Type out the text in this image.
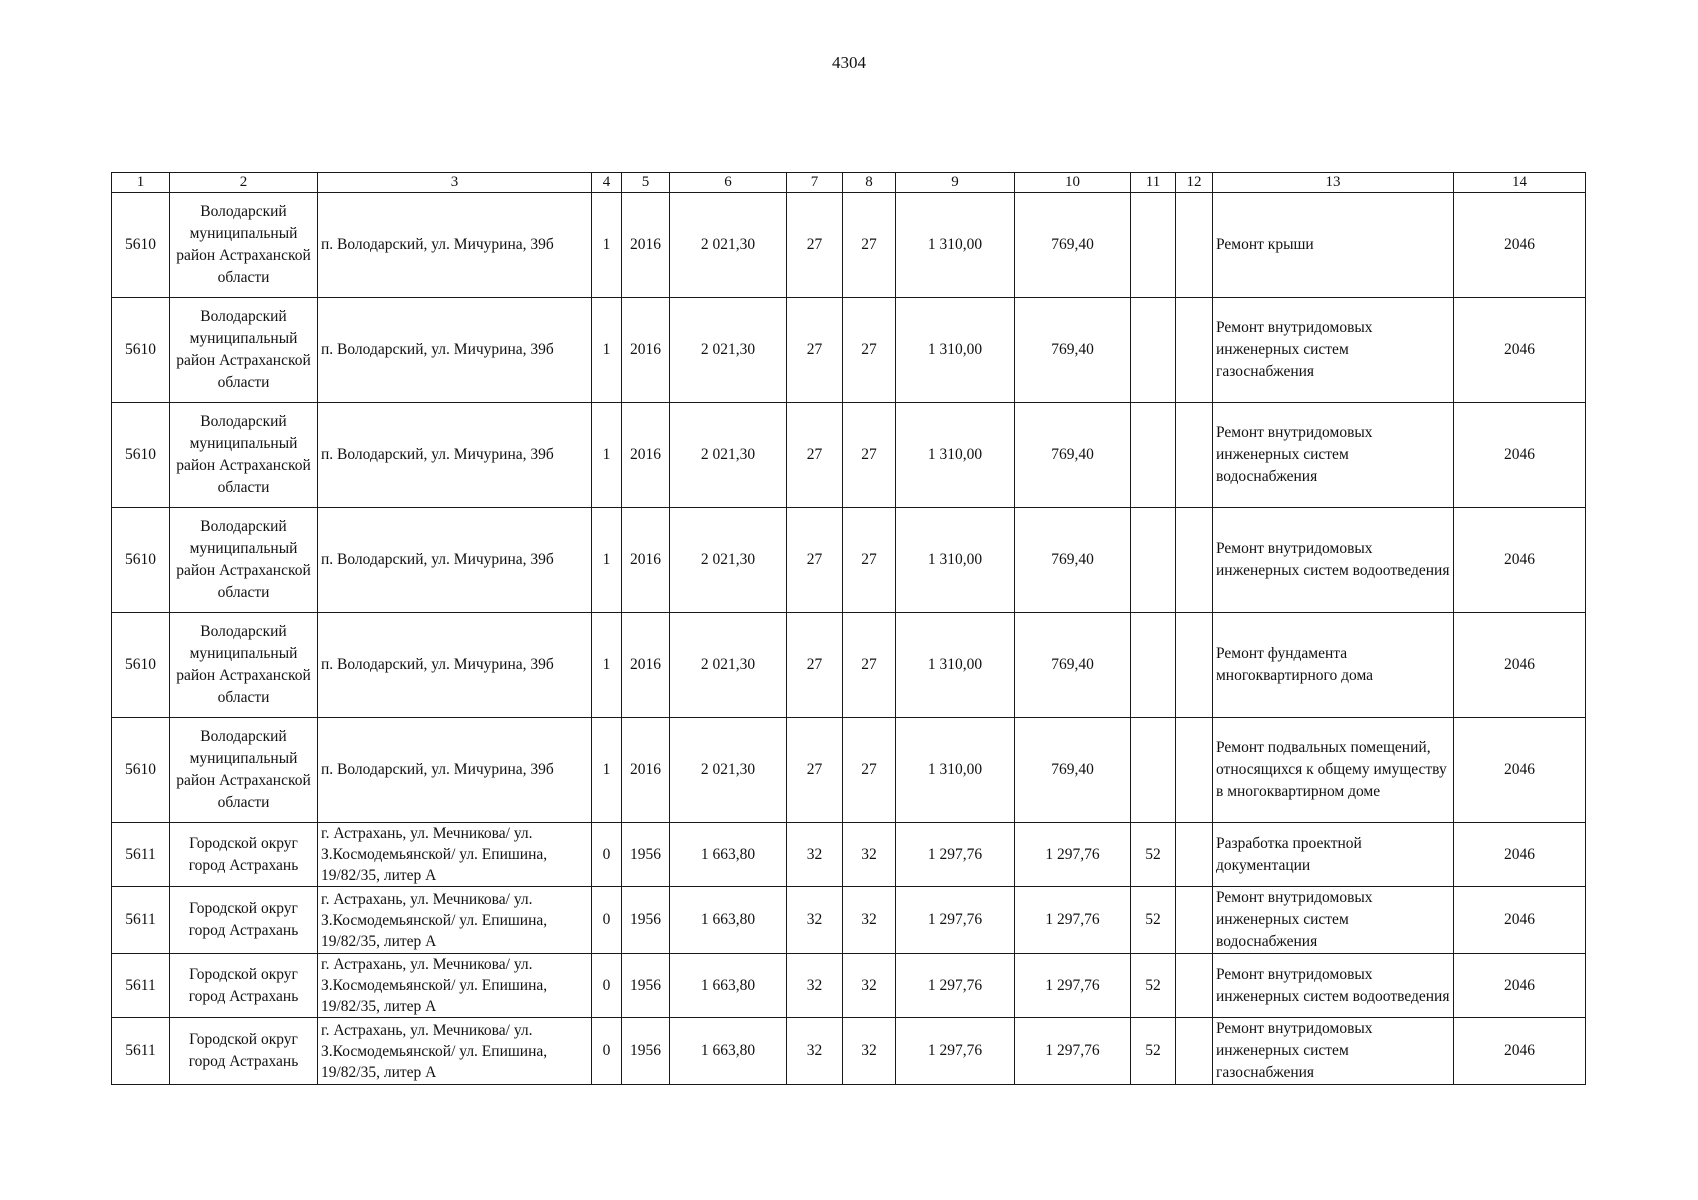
4304
1	2	3	4	5	6	7	8	9	10	11	12	13	14
5610	Володарский муниципальный район Астраханской области	п. Володарский, ул. Мичурина, 39б	1	2016	2 021,30	27	27	1 310,00	769,40			Ремонт крыши	2046
5610	Володарский муниципальный район Астраханской области	п. Володарский, ул. Мичурина, 39б	1	2016	2 021,30	27	27	1 310,00	769,40			Ремонт внутридомовых инженерных систем газоснабжения	2046
5610	Володарский муниципальный район Астраханской области	п. Володарский, ул. Мичурина, 39б	1	2016	2 021,30	27	27	1 310,00	769,40			Ремонт внутридомовых инженерных систем водоснабжения	2046
5610	Володарский муниципальный район Астраханской области	п. Володарский, ул. Мичурина, 39б	1	2016	2 021,30	27	27	1 310,00	769,40			Ремонт внутридомовых инженерных систем водоотведения	2046
5610	Володарский муниципальный район Астраханской области	п. Володарский, ул. Мичурина, 39б	1	2016	2 021,30	27	27	1 310,00	769,40			Ремонт фундамента многоквартирного дома	2046
5610	Володарский муниципальный район Астраханской области	п. Володарский, ул. Мичурина, 39б	1	2016	2 021,30	27	27	1 310,00	769,40			Ремонт подвальных помещений, относящихся к общему имуществу в многоквартирном доме	2046
5611	Городской округ город Астрахань	г. Астрахань, ул. Мечникова/ ул. З.Космодемьянской/ ул. Епишина, 19/82/35, литер А	0	1956	1 663,80	32	32	1 297,76	1 297,76	52		Разработка проектной документации	2046
5611	Городской округ город Астрахань	г. Астрахань, ул. Мечникова/ ул. З.Космодемьянской/ ул. Епишина, 19/82/35, литер А	0	1956	1 663,80	32	32	1 297,76	1 297,76	52		Ремонт внутридомовых инженерных систем водоснабжения	2046
5611	Городской округ город Астрахань	г. Астрахань, ул. Мечникова/ ул. З.Космодемьянской/ ул. Епишина, 19/82/35, литер А	0	1956	1 663,80	32	32	1 297,76	1 297,76	52		Ремонт внутридомовых инженерных систем водоотведения	2046
5611	Городской округ город Астрахань	г. Астрахань, ул. Мечникова/ ул. З.Космодемьянской/ ул. Епишина, 19/82/35, литер А	0	1956	1 663,80	32	32	1 297,76	1 297,76	52		Ремонт внутридомовых инженерных систем газоснабжения	2046
